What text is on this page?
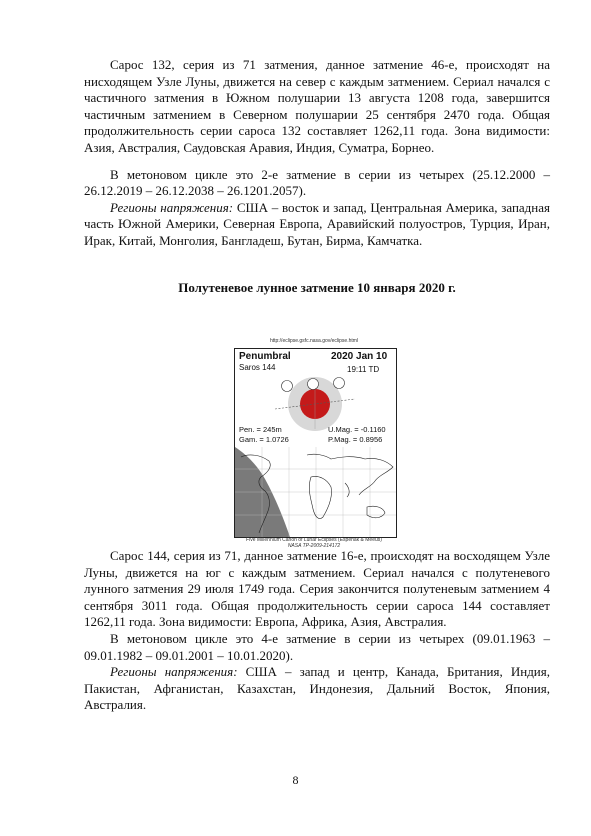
Сарос 132, серия из 71 затмения, данное затмение 46-е, происходят на нисходящем Узле Луны, движется на север с каждым затмением. Сериал начался с частичного затмения в Южном полушарии 13 августа 1208 года, завершится частичным затмением в Северном полушарии 25 сентября 2470 года. Общая продолжительность серии сароса 132 составляет 1262,11 года. Зона видимости: Азия, Австралия, Саудовская Аравия, Индия, Суматра, Борнео.

В метоновом цикле это 2-е затмение в серии из четырех (25.12.2000 – 26.12.2019 – 26.12.2038 – 26.1201.2057).

Регионы напряжения: США – восток и запад, Центральная Америка, западная часть Южной Америки, Северная Европа, Аравийский полуостров, Турция, Иран, Ирак, Китай, Монголия, Бангладеш, Бутан, Бирма, Камчатка.

Полутеневое лунное затмение 10 января 2020 г.

http://eclipse.gsfc.nasa.gov/eclipse.html
Penumbral	2020 Jan 10
Saros 144	19:11 TD
Pen. = 245m
Gam. = 1.0726
U.Mag. = -0.1160
P.Mag. = 0.8956
Five Millennium Canon of Lunar Eclipses (Espenak & Meeus)
NASA TP-2009-214172

Сарос 144, серия из 71, данное затмение 16-е, происходят на восходящем Узле Луны, движется на юг с каждым затмением. Сериал начался с полутеневого лунного затмения 29 июля 1749 года. Серия закончится полутеневым затмением 4 сентября 3011 года. Общая продолжительность серии сароса 144 составляет 1262,11 года. Зона видимости: Европа, Африка, Азия, Австралия.

В метоновом цикле это 4-е затмение в серии из четырех (09.01.1963 – 09.01.1982 – 09.01.2001 – 10.01.2020).

Регионы напряжения: США – запад и центр, Канада, Британия, Индия, Пакистан, Афганистан, Казахстан, Индонезия, Дальний Восток, Япония, Австралия.

8
